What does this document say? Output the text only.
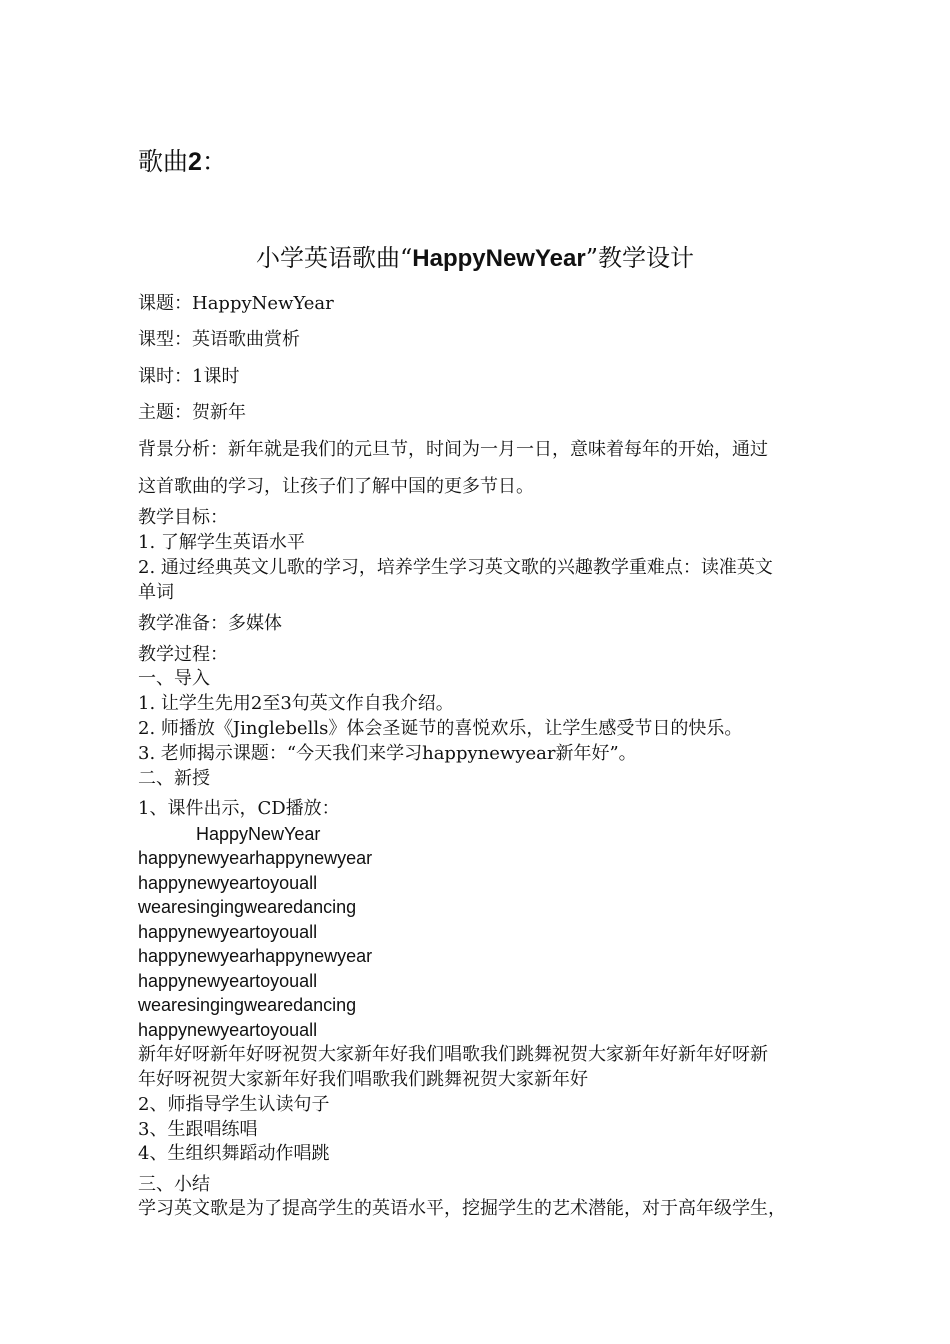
歌曲2：
小学英语歌曲“HappyNewYear”教学设计
课题：HappyNewYear
课型：英语歌曲赏析
课时：1课时
主题：贺新年
背景分析：新年就是我们的元旦节，时间为一月一日，意味着每年的开始，通过
这首歌曲的学习，让孩子们了解中国的更多节日。
教学目标：
1. 了解学生英语水平
2. 通过经典英文儿歌的学习，培养学生学习英文歌的兴趣教学重难点：读准英文
单词
教学准备：多媒体
教学过程：
一、导入
1. 让学生先用2至3句英文作自我介绍。
2. 师播放《Jinglebells》体会圣诞节的喜悦欢乐，让学生感受节日的快乐。
3. 老师揭示课题：“今天我们来学习happynewyear新年好”。
二、新授
1、课件出示，CD播放：
HappyNewYear
happynewyearhappynewyear
happynewyeartoyouall
wearesingingwearedancing
happynewyeartoyouall
happynewyearhappynewyear
happynewyeartoyouall
wearesingingwearedancing
happynewyeartoyouall
新年好呀新年好呀祝贺大家新年好我们唱歌我们跳舞祝贺大家新年好新年好呀新
年好呀祝贺大家新年好我们唱歌我们跳舞祝贺大家新年好
2、师指导学生认读句子
3、生跟唱练唱
4、生组织舞蹈动作唱跳
三、小结
学习英文歌是为了提高学生的英语水平，挖掘学生的艺术潜能，对于高年级学生，
